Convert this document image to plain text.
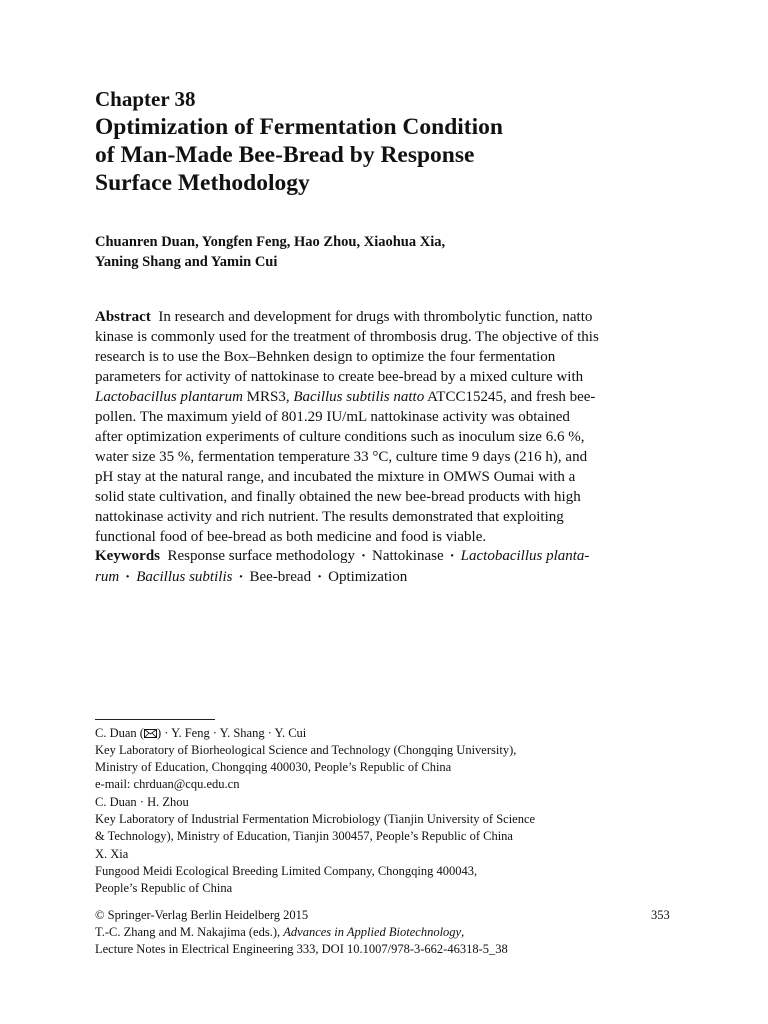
Chapter 38
Optimization of Fermentation Condition
of Man-Made Bee-Bread by Response
Surface Methodology
Chuanren Duan, Yongfen Feng, Hao Zhou, Xiaohua Xia,
Yaning Shang and Yamin Cui
Abstract In research and development for drugs with thrombolytic function, natto
kinase is commonly used for the treatment of thrombosis drug. The objective of this
research is to use the Box–Behnken design to optimize the four fermentation
parameters for activity of nattokinase to create bee-bread by a mixed culture with
Lactobacillus plantarum MRS3, Bacillus subtilis natto ATCC15245, and fresh bee-
pollen. The maximum yield of 801.29 IU/mL nattokinase activity was obtained
after optimization experiments of culture conditions such as inoculum size 6.6 %,
water size 35 %, fermentation temperature 33 °C, culture time 9 days (216 h), and
pH stay at the natural range, and incubated the mixture in OMWS Oumai with a
solid state cultivation, and finally obtained the new bee-bread products with high
nattokinase activity and rich nutrient. The results demonstrated that exploiting
functional food of bee-bread as both medicine and food is viable.
Keywords Response surface methodology · Nattokinase · Lactobacillus planta-
rum · Bacillus subtilis · Bee-bread · Optimization
C. Duan ( ) · Y. Feng · Y. Shang · Y. Cui
Key Laboratory of Biorheological Science and Technology (Chongqing University),
Ministry of Education, Chongqing 400030, People’s Republic of China
e-mail: chrduan@cqu.edu.cn
C. Duan · H. Zhou
Key Laboratory of Industrial Fermentation Microbiology (Tianjin University of Science
& Technology), Ministry of Education, Tianjin 300457, People’s Republic of China
X. Xia
Fungood Meidi Ecological Breeding Limited Company, Chongqing 400043,
People’s Republic of China
© Springer-Verlag Berlin Heidelberg 2015
T.-C. Zhang and M. Nakajima (eds.), Advances in Applied Biotechnology,
Lecture Notes in Electrical Engineering 333, DOI 10.1007/978-3-662-46318-5_38
353
